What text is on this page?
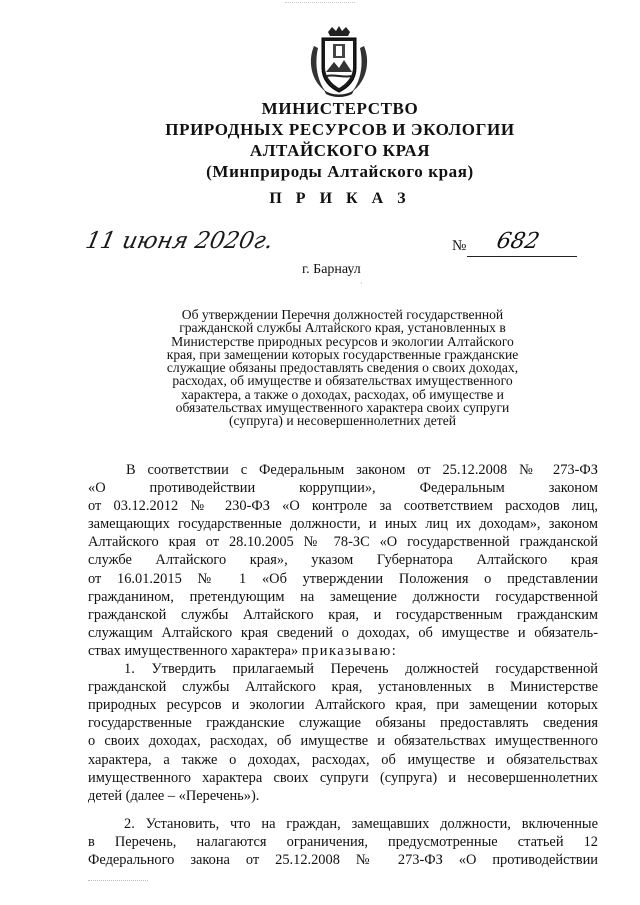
МИНИСТЕРСТВО
ПРИРОДНЫХ РЕСУРСОВ И ЭКОЛОГИИ
АЛТАЙСКОГО КРАЯ
(Минприроды Алтайского края)
П Р И К А З
11 июня 2020г.	№ 682
г. Барнаул
·
Об утверждении Перечня должностей государственной
гражданской службы Алтайского края, установленных в
Министерстве природных ресурсов и экологии Алтайского
края, при замещении которых государственные гражданские
служащие обязаны предоставлять сведения о своих доходах,
расходах, об имуществе и обязательствах имущественного
характера, а также о доходах, расходах, об имуществе и
обязательствах имущественного характера своих супруги
(супруга) и несовершеннолетних детей
В соответствии с Федеральным законом от 25.12.2008 № 273-ФЗ
«О противодействии коррупции», Федеральным законом
от 03.12.2012 № 230-ФЗ «О контроле за соответствием расходов лиц,
замещающих государственные должности, и иных лиц их доходам», законом
Алтайского края от 28.10.2005 № 78-ЗС «О государственной гражданской
службе Алтайского края», указом Губернатора Алтайского края
от 16.01.2015 № 1 «Об утверждении Положения о представлении
гражданином, претендующим на замещение должности государственной
гражданской службы Алтайского края, и государственным гражданским
служащим Алтайского края сведений о доходах, об имуществе и обязатель-
ствах имущественного характера» приказываю:
1. Утвердить прилагаемый Перечень должностей государственной
гражданской службы Алтайского края, установленных в Министерстве
природных ресурсов и экологии Алтайского края, при замещении которых
государственные гражданские служащие обязаны предоставлять сведения
о своих доходах, расходах, об имуществе и обязательствах имущественного
характера, а также о доходах, расходах, об имуществе и обязательствах
имущественного характера своих супруги (супруга) и несовершеннолетних
детей (далее – «Перечень»).
2. Установить, что на граждан, замещавших должности, включенные
в Перечень, налагаются ограничения, предусмотренные статьей 12
Федерального закона от 25.12.2008 № 273-ФЗ «О противодействии
